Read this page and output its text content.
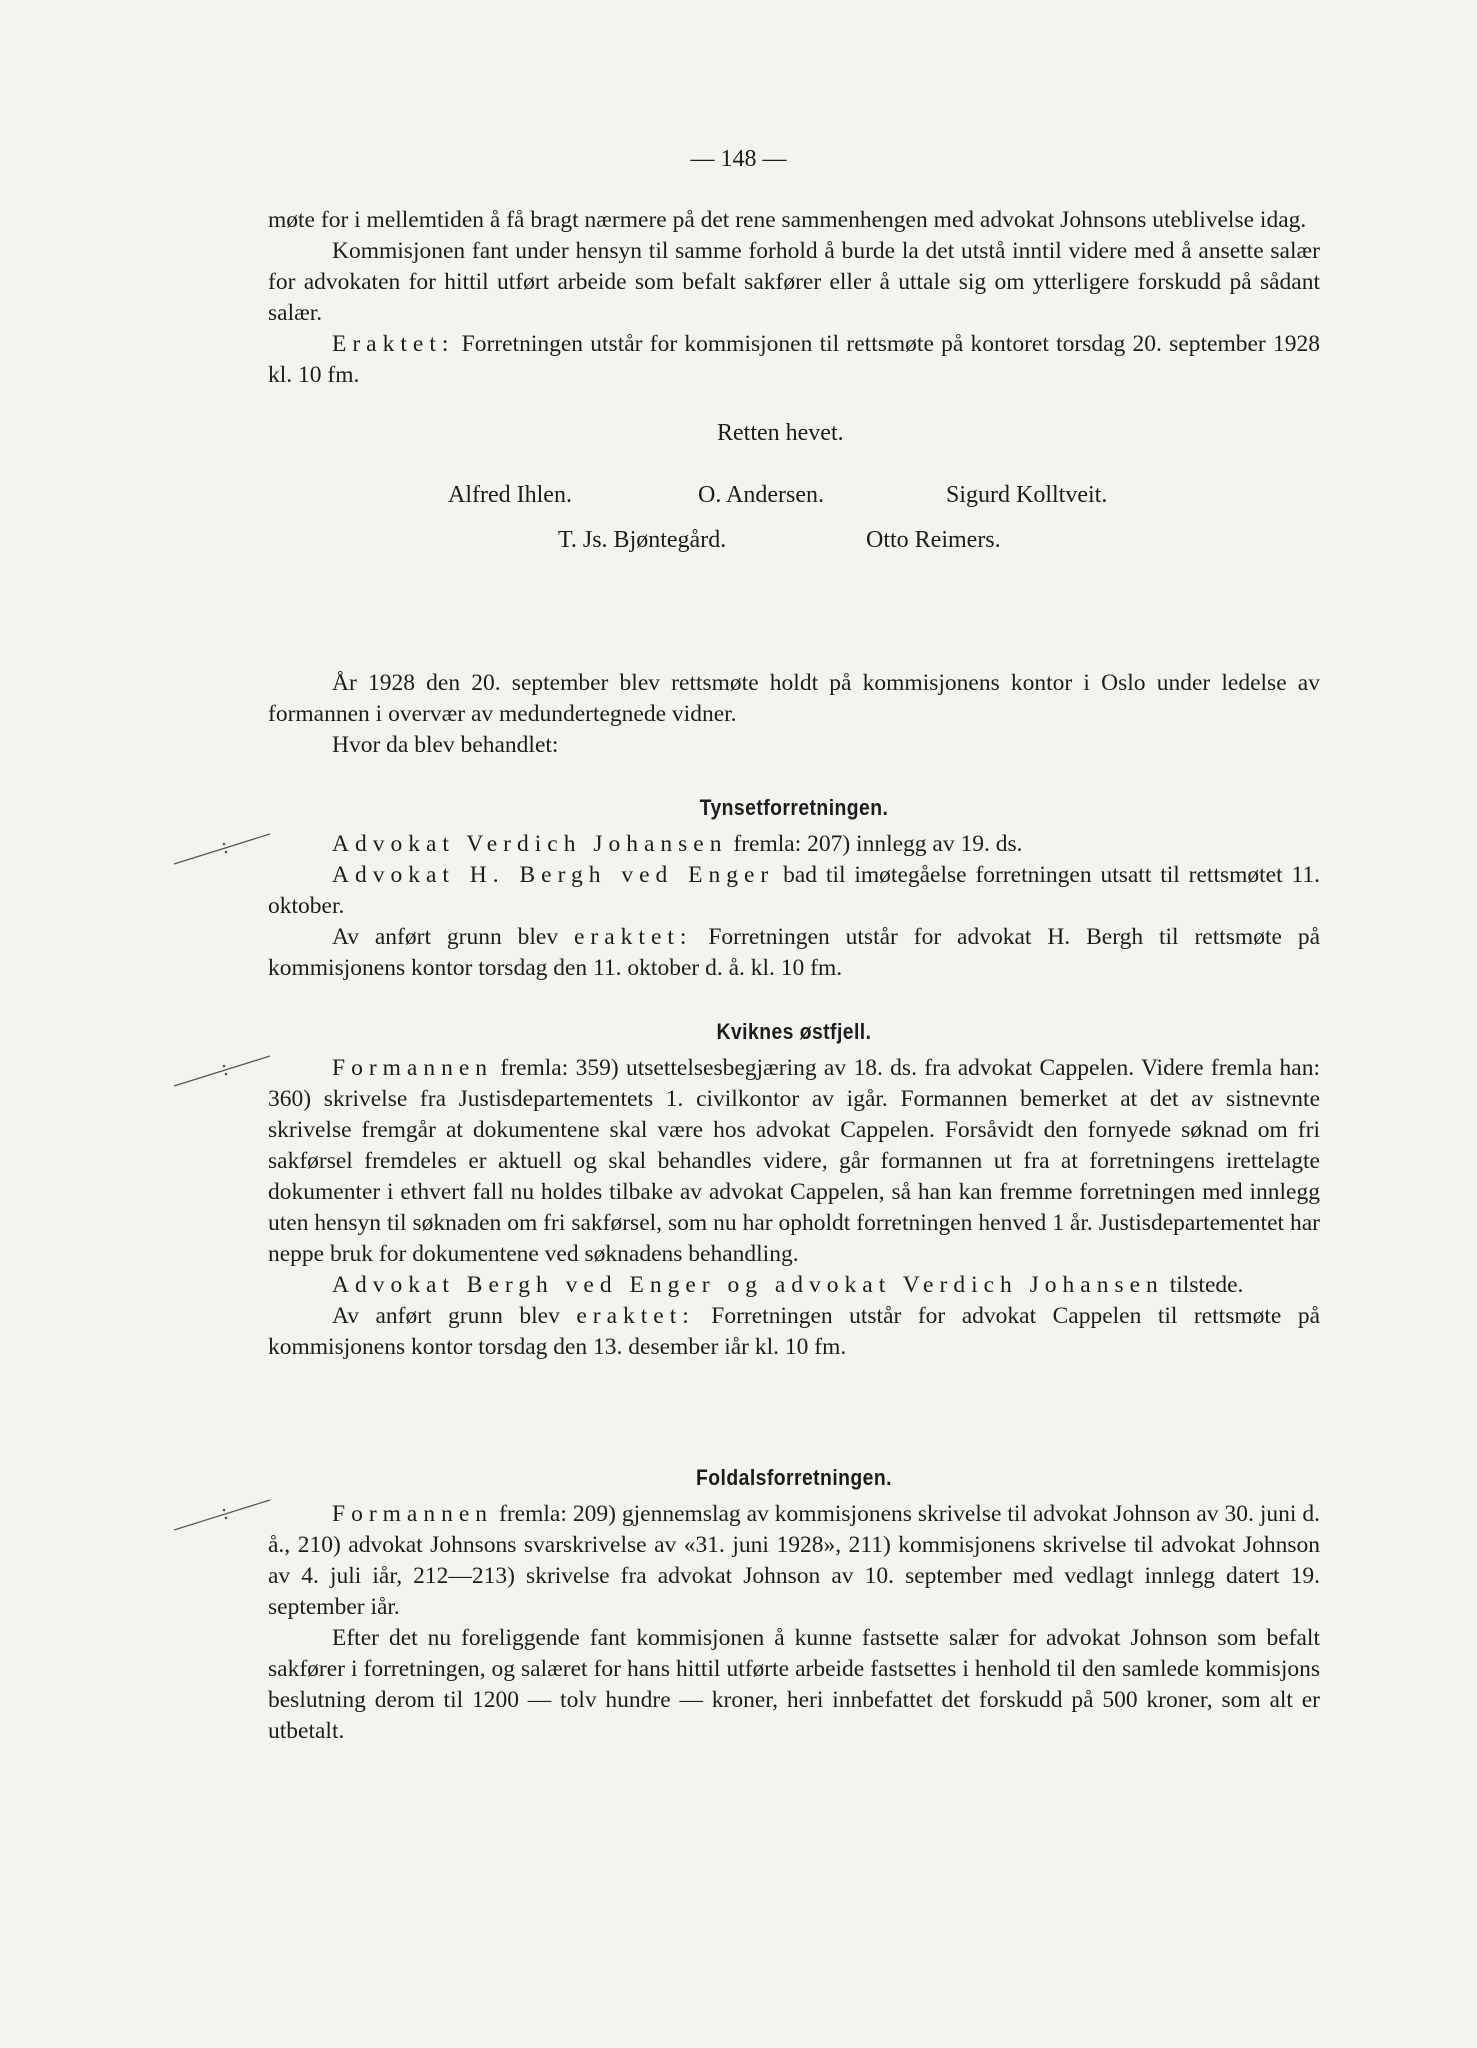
— 148 —

møte for i mellemtiden å få bragt nærmere på det rene sammenhengen med advokat Johnsons uteblivelse idag.

Kommisjonen fant under hensyn til samme forhold å burde la det utstå inntil videre med å ansette salær for advokaten for hittil utført arbeide som befalt sakfører eller å uttale sig om ytterligere forskudd på sådant salær.

Eraktet: Forretningen utstår for kommisjonen til rettsmøte på kontoret torsdag 20. september 1928 kl. 10 fm.

Retten hevet.
Alfred Ihlen.	O. Andersen.	Sigurd Kolltveit.
T. Js. Bjøntegård.	Otto Reimers.

År 1928 den 20. september blev rettsmøte holdt på kommisjonens kontor i Oslo under ledelse av formannen i overvær av medundertegnede vidner.

Hvor da blev behandlet:

Tynsetforretningen.

Advokat Verdich Johansen fremla: 207) innlegg av 19. ds.

Advokat H. Bergh ved Enger bad til imøtegåelse forretningen utsatt til rettsmøtet 11. oktober.

Av anført grunn blev eraktet: Forretningen utstår for advokat H. Bergh til rettsmøte på kommisjonens kontor torsdag den 11. oktober d. å. kl. 10 fm.

Kviknes østfjell.

Formannen fremla: 359) utsettelsesbegjæring av 18. ds. fra advokat Cappelen. Videre fremla han: 360) skrivelse fra Justisdepartementets 1. civilkontor av igår. Formannen bemerket at det av sistnevnte skrivelse fremgår at dokumentene skal være hos advokat Cappelen. Forsåvidt den fornyede søknad om fri sakførsel fremdeles er aktuell og skal behandles videre, går formannen ut fra at forretningens irettelagte dokumenter i ethvert fall nu holdes tilbake av advokat Cappelen, så han kan fremme forretningen med innlegg uten hensyn til søknaden om fri sakførsel, som nu har opholdt forretningen henved 1 år. Justisdepartementet har neppe bruk for dokumentene ved søknadens behandling.

Advokat Bergh ved Enger og advokat Verdich Johansen tilstede.

Av anført grunn blev eraktet: Forretningen utstår for advokat Cappelen til rettsmøte på kommisjonens kontor torsdag den 13. desember iår kl. 10 fm.

Foldalsforretningen.

Formannen fremla: 209) gjennemslag av kommisjonens skrivelse til advokat Johnson av 30. juni d. å., 210) advokat Johnsons svarskrivelse av «31. juni 1928», 211) kommisjonens skrivelse til advokat Johnson av 4. juli iår, 212—213) skrivelse fra advokat Johnson av 10. september med vedlagt innlegg datert 19. september iår.

Efter det nu foreliggende fant kommisjonen å kunne fastsette salær for advokat Johnson som befalt sakfører i forretningen, og salæret for hans hittil utførte arbeide fastsettes i henhold til den samlede kommisjons beslutning derom til 1200 — tolv hundre — kroner, heri innbefattet det forskudd på 500 kroner, som alt er utbetalt.
